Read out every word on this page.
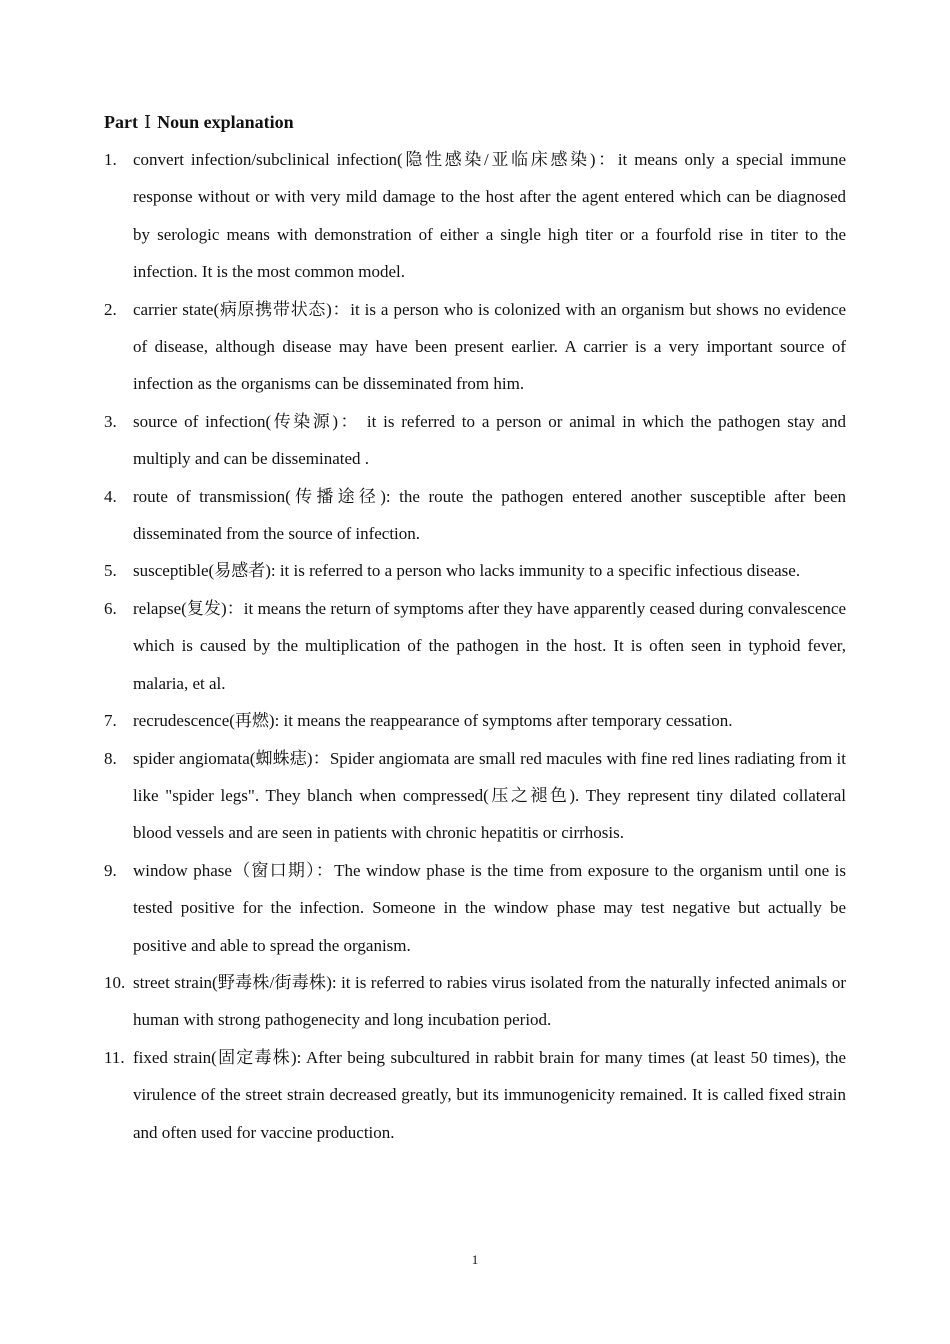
Part Ⅰ Noun explanation
1. convert infection/subclinical infection(隐性感染/亚临床感染)：it means only a special immune response without or with very mild damage to the host after the agent entered which can be diagnosed by serologic means with demonstration of either a single high titer or a fourfold rise in titer to the infection. It is the most common model.
2. carrier state(病原携带状态)：it is a person who is colonized with an organism but shows no evidence of disease, although disease may have been present earlier. A carrier is a very important source of infection as the organisms can be disseminated from him.
3. source of infection(传染源)： it is referred to a person or animal in which the pathogen stay and multiply and can be disseminated .
4. route of transmission(传播途径): the route the pathogen entered another susceptible after been disseminated from the source of infection.
5. susceptible(易感者): it is referred to a person who lacks immunity to a specific infectious disease.
6. relapse(复发)：it means the return of symptoms after they have apparently ceased during convalescence which is caused by the multiplication of the pathogen in the host. It is often seen in typhoid fever, malaria, et al.
7. recrudescence(再燃): it means the reappearance of symptoms after temporary cessation.
8. spider angiomata(蜘蛛痣)：Spider angiomata are small red macules with fine red lines radiating from it like "spider legs". They blanch when compressed(压之褪色). They represent tiny dilated collateral blood vessels and are seen in patients with chronic hepatitis or cirrhosis.
9. window phase（窗口期）：The window phase is the time from exposure to the organism until one is tested positive for the infection. Someone in the window phase may test negative but actually be positive and able to spread the organism.
10. street strain(野毒株/街毒株): it is referred to rabies virus isolated from the naturally infected animals or human with strong pathogenecity and long incubation period.
11. fixed strain(固定毒株): After being subcultured in rabbit brain for many times (at least 50 times), the virulence of the street strain decreased greatly, but its immunogenicity remained. It is called fixed strain and often used for vaccine production.
1
